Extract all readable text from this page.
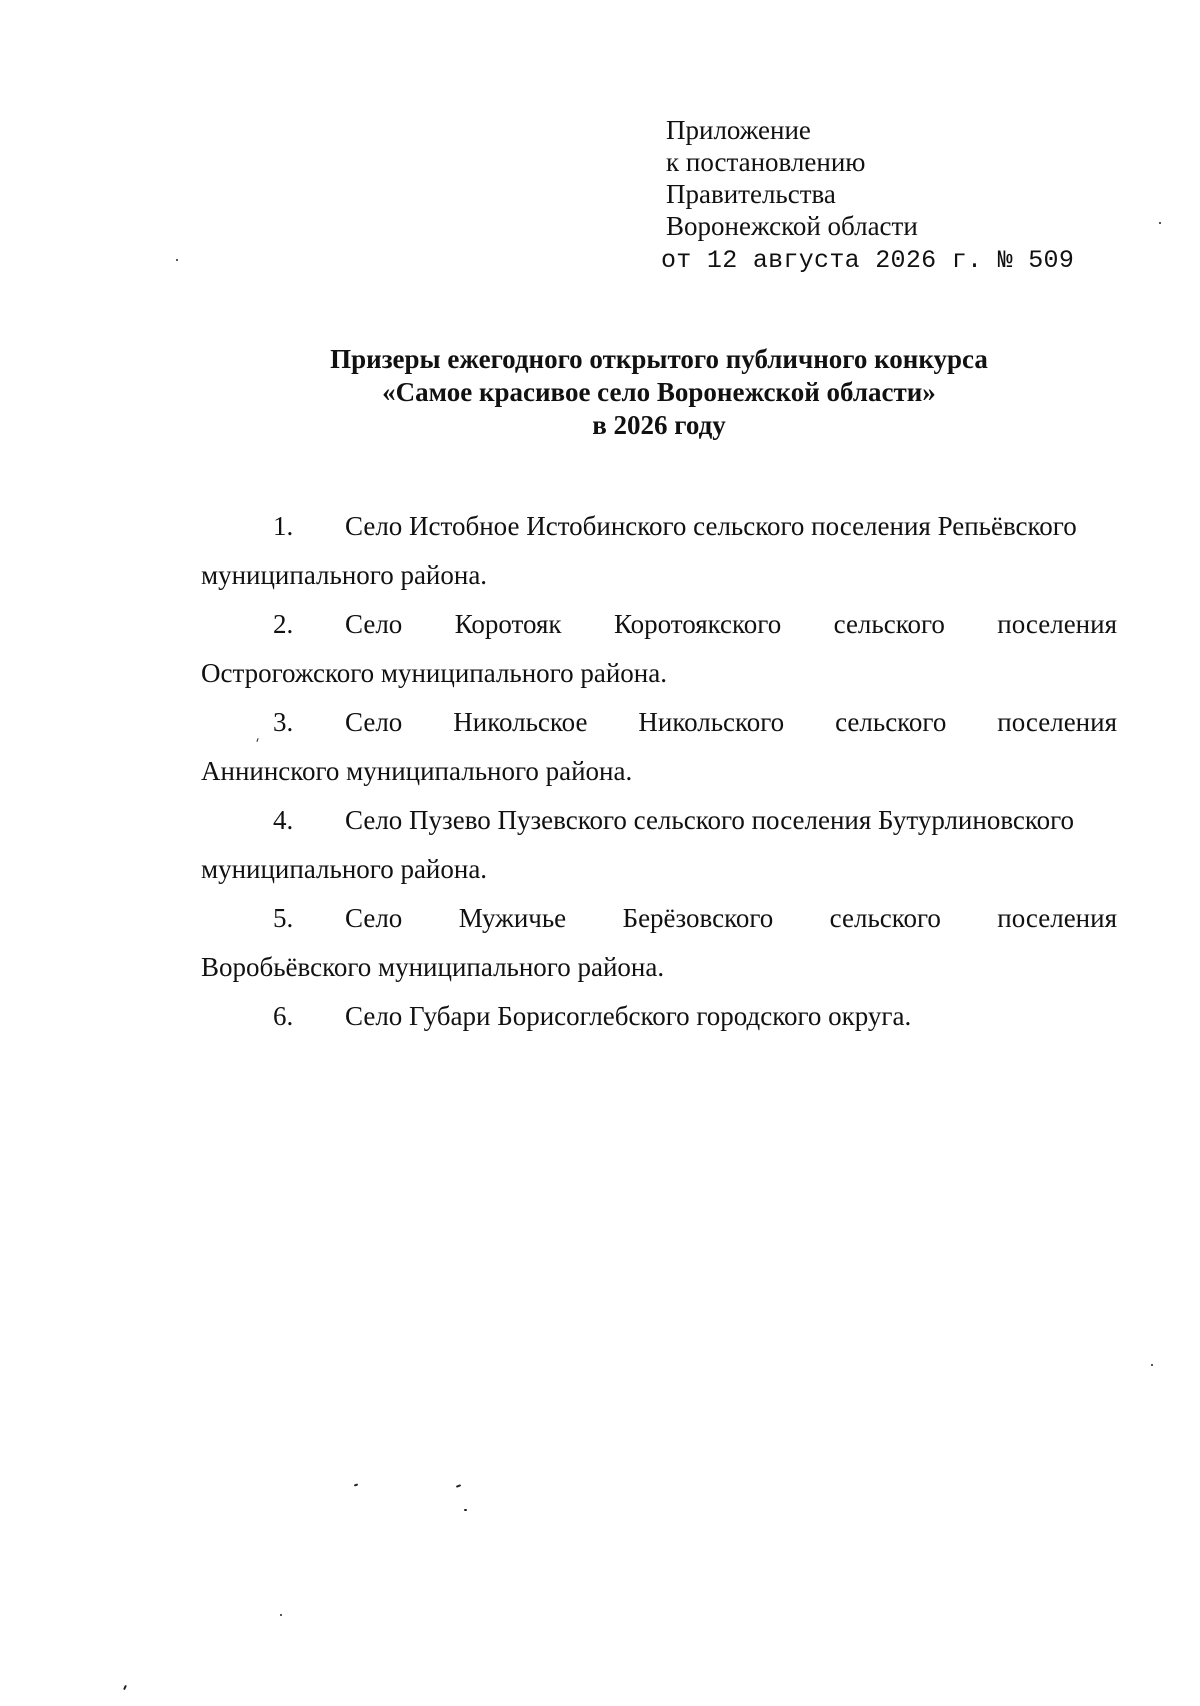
Приложение
к постановлению
Правительства
Воронежской области
от 12 августа 2026 г. № 509
Призеры ежегодного открытого публичного конкурса
«Самое красивое село Воронежской области»
в 2026 году
1. Село Истобное Истобинского сельского поселения Репьёвского
муниципального района.
2. Село Коротояк Коротоякского сельского поселения
Острогожского муниципального района.
3. Село Никольское Никольского сельского поселения
Аннинского муниципального района.
4. Село Пузево Пузевского сельского поселения Бутурлиновского
муниципального района.
5. Село Мужичье Берёзовского сельского поселения
Воробьёвского муниципального района.
6. Село Губари Борисоглебского городского округа.
